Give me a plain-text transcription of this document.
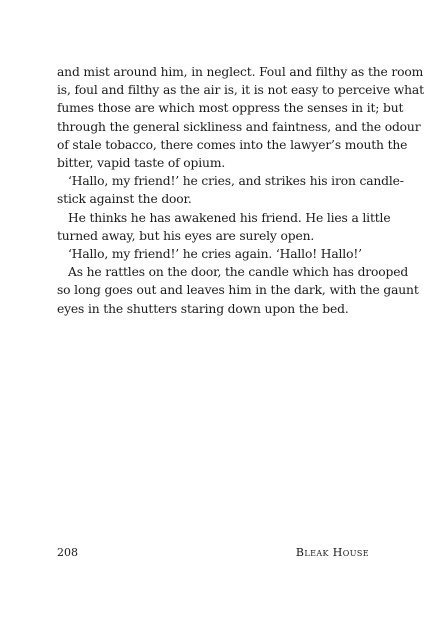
and mist around him, in neglect. Foul and filthy as the room
is, foul and filthy as the air is, it is not easy to perceive what
fumes those are which most oppress the senses in it; but
through the general sickliness and faintness, and the odour
of stale tobacco, there comes into the lawyer’s mouth the
bitter, vapid taste of opium.
‘Hallo, my friend!’ he cries, and strikes his iron candle-
stick against the door.
He thinks he has awakened his friend. He lies a little
turned away, but his eyes are surely open.
‘Hallo, my friend!’ he cries again. ‘Hallo! Hallo!’
As he rattles on the door, the candle which has drooped
so long goes out and leaves him in the dark, with the gaunt
eyes in the shutters staring down upon the bed.
208	Bleak House
